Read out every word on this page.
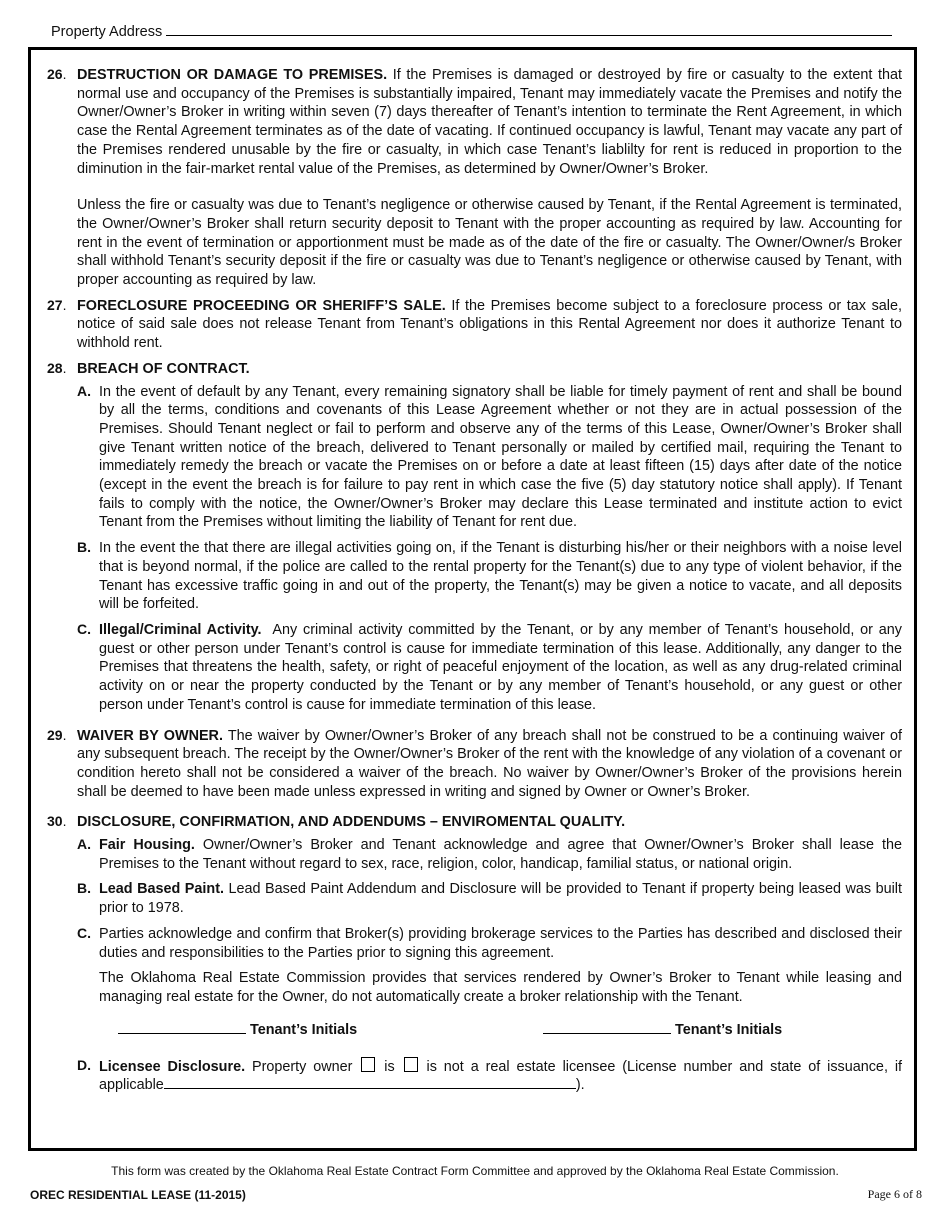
Property Address
26. DESTRUCTION OR DAMAGE TO PREMISES. If the Premises is damaged or destroyed by fire or casualty to the extent that normal use and occupancy of the Premises is substantially impaired, Tenant may immediately vacate the Premises and notify the Owner/Owner’s Broker in writing within seven (7) days thereafter of Tenant’s intention to terminate the Rent Agreement, in which case the Rental Agreement terminates as of the date of vacating. If continued occupancy is lawful, Tenant may vacate any part of the Premises rendered unusable by the fire or casualty, in which case Tenant’s liablilty for rent is reduced in proportion to the diminution in the fair-market rental value of the Premises, as determined by Owner/Owner’s Broker.

Unless the fire or casualty was due to Tenant’s negligence or otherwise caused by Tenant, if the Rental Agreement is terminated, the Owner/Owner’s Broker shall return security deposit to Tenant with the proper accounting as required by law. Accounting for rent in the event of termination or apportionment must be made as of the date of the fire or casualty. The Owner/Owner/s Broker shall withhold Tenant’s security deposit if the fire or casualty was due to Tenant’s negligence or otherwise caused by Tenant, with proper accounting as required by law.

27. FORECLOSURE PROCEEDING OR SHERIFF’S SALE. If the Premises become subject to a foreclosure process or tax sale, notice of said sale does not release Tenant from Tenant’s obligations in this Rental Agreement nor does it authorize Tenant to withhold rent.

28. BREACH OF CONTRACT.

A. In the event of default by any Tenant, every remaining signatory shall be liable for timely payment of rent and shall be bound by all the terms, conditions and covenants of this Lease Agreement whether or not they are in actual possession of the Premises. Should Tenant neglect or fail to perform and observe any of the terms of this Lease, Owner/Owner’s Broker shall give Tenant written notice of the breach, delivered to Tenant personally or mailed by certified mail, requiring the Tenant to immediately remedy the breach or vacate the Premises on or before a date at least fifteen (15) days after date of the notice (except in the event the breach is for failure to pay rent in which case the five (5) day statutory notice shall apply). If Tenant fails to comply with the notice, the Owner/Owner’s Broker may declare this Lease terminated and institute action to evict Tenant from the Premises without limiting the liability of Tenant for rent due.

B. In the event the that there are illegal activities going on, if the Tenant is disturbing his/her or their neighbors with a noise level that is beyond normal, if the police are called to the rental property for the Tenant(s) due to any type of violent behavior, if the Tenant has excessive traffic going in and out of the property, the Tenant(s) may be given a notice to vacate, and all deposits will be forfeited.

C. Illegal/Criminal Activity. Any criminal activity committed by the Tenant, or by any member of Tenant’s household, or any guest or other person under Tenant’s control is cause for immediate termination of this lease. Additionally, any danger to the Premises that threatens the health, safety, or right of peaceful enjoyment of the location, as well as any drug-related criminal activity on or near the property conducted by the Tenant or by any member of Tenant’s household, or any guest or other person under Tenant’s control is cause for immediate termination of this lease.

29. WAIVER BY OWNER. The waiver by Owner/Owner’s Broker of any breach shall not be construed to be a continuing waiver of any subsequent breach. The receipt by the Owner/Owner’s Broker of the rent with the knowledge of any violation of a covenant or condition hereto shall not be considered a waiver of the breach. No waiver by Owner/Owner’s Broker of the provisions herein shall be deemed to have been made unless expressed in writing and signed by Owner or Owner’s Broker.

30. DISCLOSURE, CONFIRMATION, AND ADDENDUMS – ENVIROMENTAL QUALITY.

A. Fair Housing. Owner/Owner’s Broker and Tenant acknowledge and agree that Owner/Owner’s Broker shall lease the Premises to the Tenant without regard to sex, race, religion, color, handicap, familial status, or national origin.

B. Lead Based Paint. Lead Based Paint Addendum and Disclosure will be provided to Tenant if property being leased was built prior to 1978.

C. Parties acknowledge and confirm that Broker(s) providing brokerage services to the Parties has described and disclosed their duties and responsibilities to the Parties prior to signing this agreement.

The Oklahoma Real Estate Commission provides that services rendered by Owner’s Broker to Tenant while leasing and managing real estate for the Owner, do not automatically create a broker relationship with the Tenant.

Tenant’s Initials	Tenant’s Initials
D. Licensee Disclosure. Property owner is is not a real estate licensee (License number and state of issuance, if applicable	).

This form was created by the Oklahoma Real Estate Contract Form Committee and approved by the Oklahoma Real Estate Commission.
OREC RESIDENTIAL LEASE (11-2015)	Page 6 of 8
